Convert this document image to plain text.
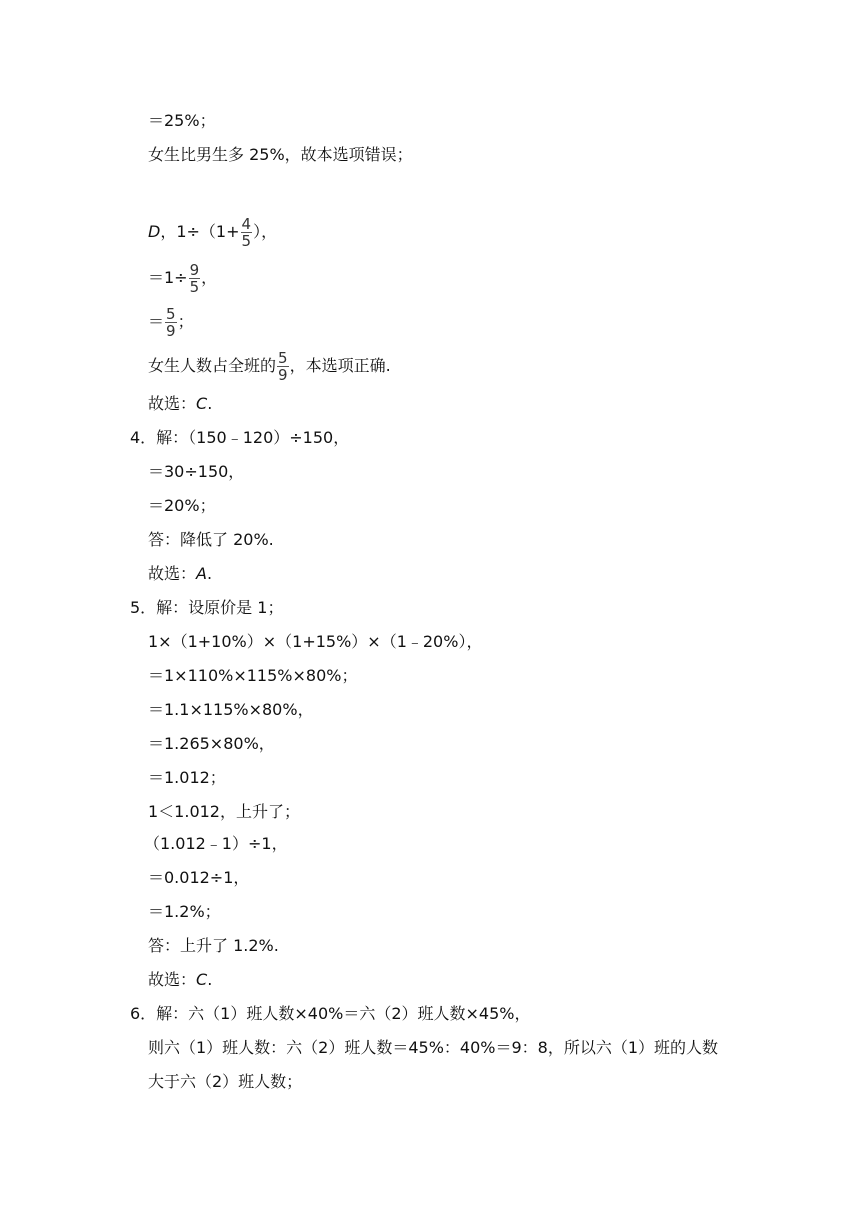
＝25%；
女生比男生多 25%，故本选项错误；
D，$1\div(1+ \frac{4}{5}$ ），
$=1\div \frac{9}{5}$ ，
＝ $\frac{5}{9}$ ；
女生人数占全班的 $\frac{5}{9}$ ，本选项正确.
故选：C.
4．解：（150﹣120）÷150，
＝30÷150，
＝20%；
答：降低了 20%.
故选：A.
5．解：设原价是 1；
1×（1+10%）×（1+15%）×（1﹣20%），
＝1×110%×115%×80%；
＝1.1×115%×80%，
＝1.265×80%，
＝1.012；
1＜1.012，上升了；
（1.012﹣1）÷1，
＝0.012÷1，
＝1.2%；
答：上升了 1.2%.
故选：C.
6．解：六（1）班人数×40%＝六（2）班人数×45%，
则六（1）班人数：六（2）班人数＝45%：40%＝9：8，所以六（1）班的人数
大于六（2）班人数；
